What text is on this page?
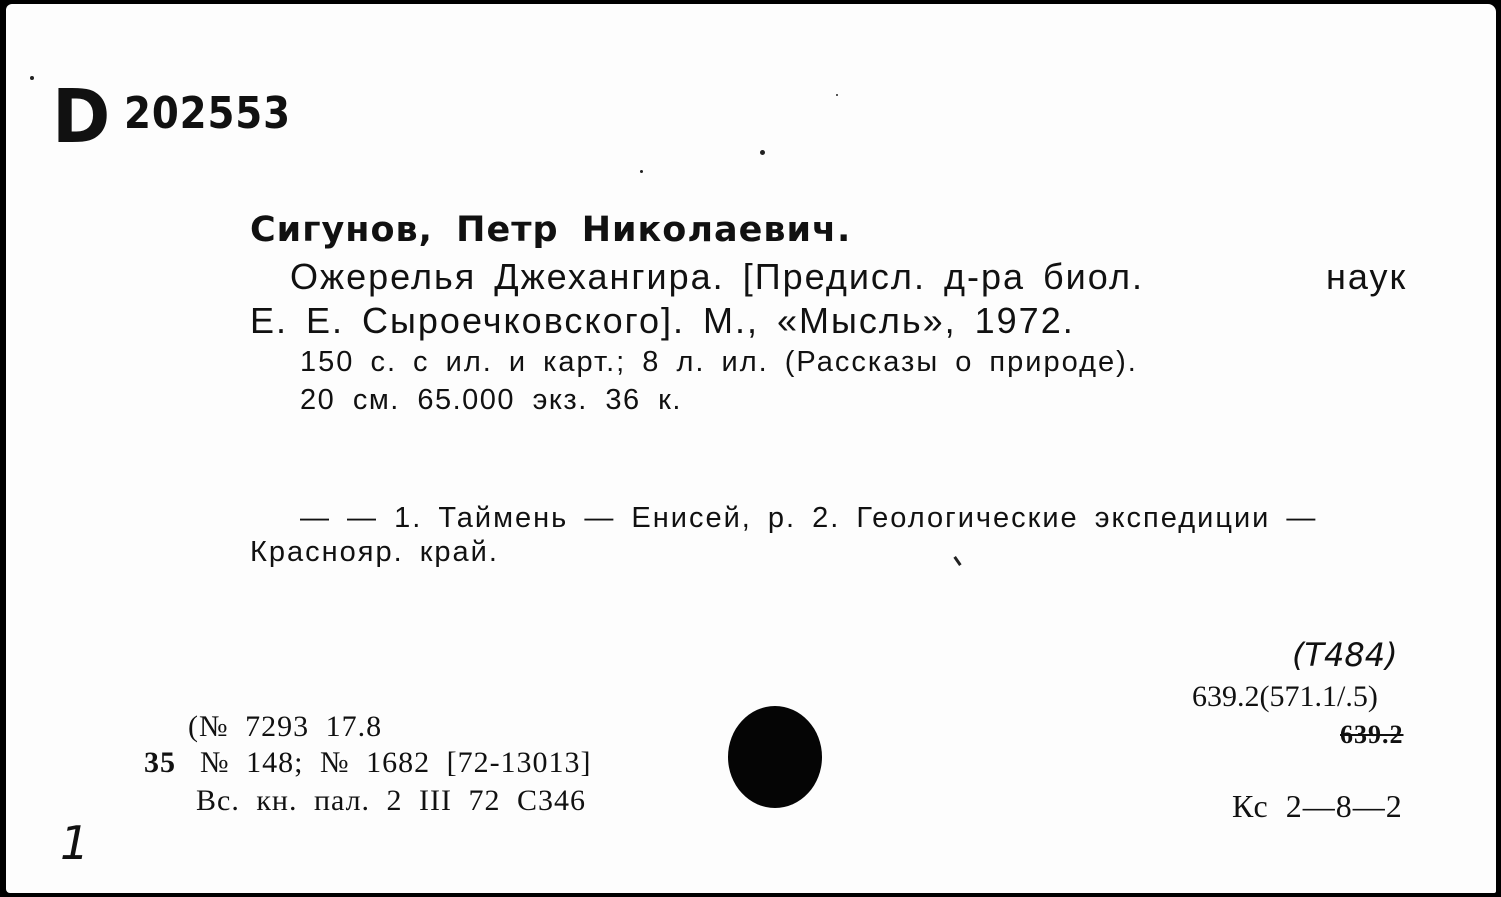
D 202553
Сигунов, Петр Николаевич.
Ожерелья Джехангира. [Предисл. д-ра биол.	наук
Е. Е. Сыроечковского]. М., «Мысль», 1972.
150 с. с ил. и карт.; 8 л. ил. (Рассказы о природе).
20 см. 65.000 экз. 36 к.
— — 1. Таймень — Енисей, р. 2. Геологические экспедиции —
Краснояр. край.
(Т484)
639.2(571.1/.5)
639.2
Кс 2—8—2
(№ 7293 17.8
35 № 148; № 1682 [72-13013]
Вс. кн. пал. 2 III 72 С346
1
